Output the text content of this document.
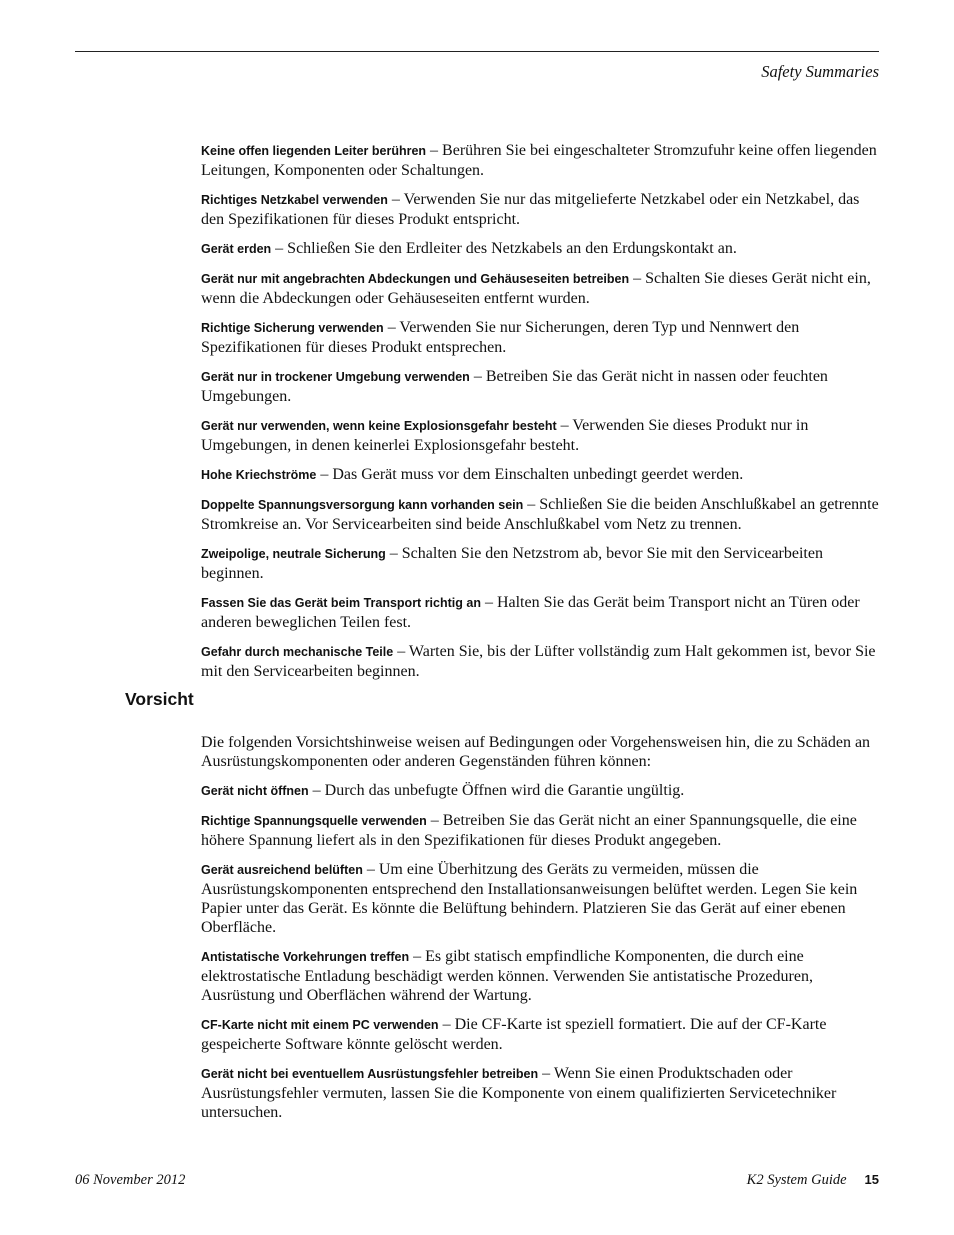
Safety Summaries

Keine offen liegenden Leiter berühren – Berühren Sie bei eingeschalteter Stromzufuhr keine offen liegenden Leitungen, Komponenten oder Schaltungen.

Richtiges Netzkabel verwenden – Verwenden Sie nur das mitgelieferte Netzkabel oder ein Netzkabel, das den Spezifikationen für dieses Produkt entspricht.

Gerät erden – Schließen Sie den Erdleiter des Netzkabels an den Erdungskontakt an.

Gerät nur mit angebrachten Abdeckungen und Gehäuseseiten betreiben – Schalten Sie dieses Gerät nicht ein, wenn die Abdeckungen oder Gehäuseseiten entfernt wurden.

Richtige Sicherung verwenden – Verwenden Sie nur Sicherungen, deren Typ und Nennwert den Spezifikationen für dieses Produkt entsprechen.

Gerät nur in trockener Umgebung verwenden – Betreiben Sie das Gerät nicht in nassen oder feuchten Umgebungen.

Gerät nur verwenden, wenn keine Explosionsgefahr besteht – Verwenden Sie dieses Produkt nur in Umgebungen, in denen keinerlei Explosionsgefahr besteht.

Hohe Kriechströme – Das Gerät muss vor dem Einschalten unbedingt geerdet werden.

Doppelte Spannungsversorgung kann vorhanden sein – Schließen Sie die beiden Anschlußkabel an getrennte Stromkreise an. Vor Servicearbeiten sind beide Anschlußkabel vom Netz zu trennen.

Zweipolige, neutrale Sicherung – Schalten Sie den Netzstrom ab, bevor Sie mit den Servicearbeiten beginnen.

Fassen Sie das Gerät beim Transport richtig an – Halten Sie das Gerät beim Transport nicht an Türen oder anderen beweglichen Teilen fest.

Gefahr durch mechanische Teile – Warten Sie, bis der Lüfter vollständig zum Halt gekommen ist, bevor Sie mit den Servicearbeiten beginnen.

Vorsicht

Die folgenden Vorsichtshinweise weisen auf Bedingungen oder Vorgehensweisen hin, die zu Schäden an Ausrüstungskomponenten oder anderen Gegenständen führen können:

Gerät nicht öffnen – Durch das unbefugte Öffnen wird die Garantie ungültig.

Richtige Spannungsquelle verwenden – Betreiben Sie das Gerät nicht an einer Spannungsquelle, die eine höhere Spannung liefert als in den Spezifikationen für dieses Produkt angegeben.

Gerät ausreichend belüften – Um eine Überhitzung des Geräts zu vermeiden, müssen die Ausrüstungskomponenten entsprechend den Installationsanweisungen belüftet werden. Legen Sie kein Papier unter das Gerät. Es könnte die Belüftung behindern. Platzieren Sie das Gerät auf einer ebenen Oberfläche.

Antistatische Vorkehrungen treffen – Es gibt statisch empfindliche Komponenten, die durch eine elektrostatische Entladung beschädigt werden können. Verwenden Sie antistatische Prozeduren, Ausrüstung und Oberflächen während der Wartung.

CF-Karte nicht mit einem PC verwenden – Die CF-Karte ist speziell formatiert. Die auf der CF-Karte gespeicherte Software könnte gelöscht werden.

Gerät nicht bei eventuellem Ausrüstungsfehler betreiben – Wenn Sie einen Produktschaden oder Ausrüstungsfehler vermuten, lassen Sie die Komponente von einem qualifizierten Servicetechniker untersuchen.

06 November 2012	K2 System Guide 15
